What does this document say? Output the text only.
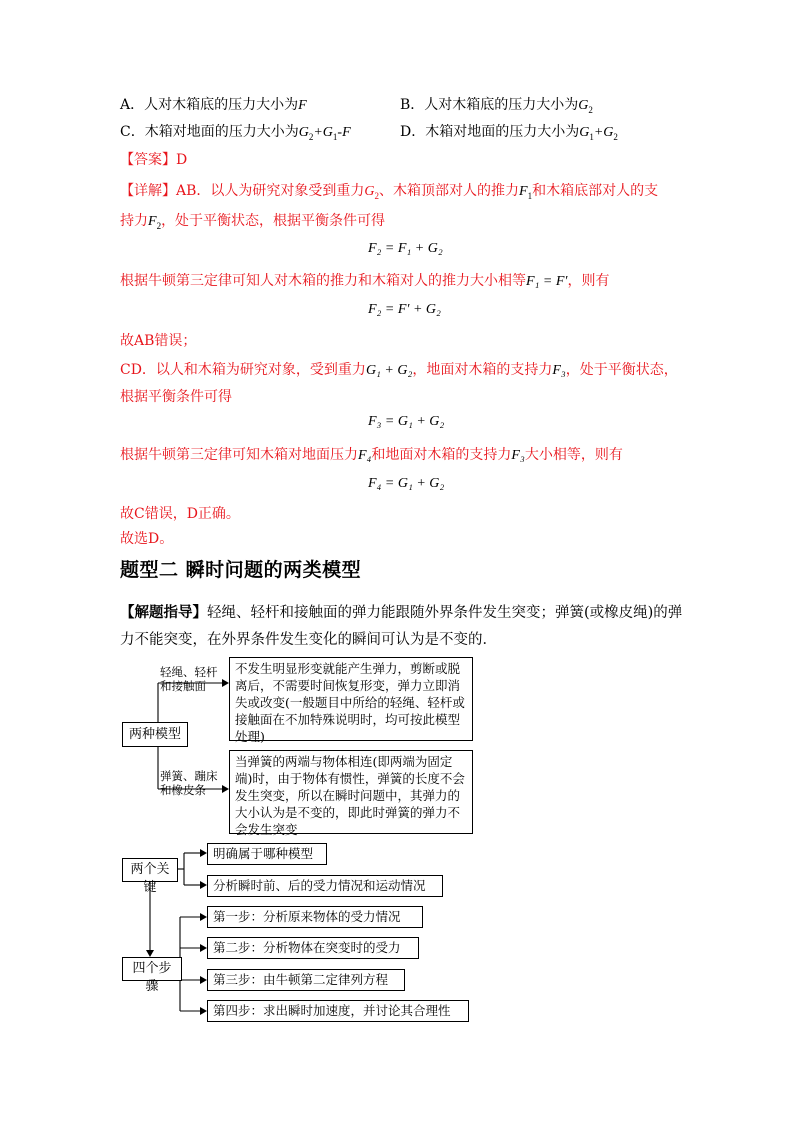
A．人对木箱底的压力大小为F	B．人对木箱底的压力大小为$G_2$
C．木箱对地面的压力大小为$G_2+G_1-F$	D．木箱对地面的压力大小为$G_1+G_2$
【答案】D
【详解】AB．以人为研究对象受到重力$G_2$、木箱顶部对人的推力$F_1$和木箱底部对人的支
持力$F_2$，处于平衡状态，根据平衡条件可得
F₂ = F₁ + G₂
根据牛顿第三定律可知人对木箱的推力和木箱对人的推力大小相等F₁ = F′，则有
F₂ = F′ + G₂
故AB错误；
CD．以人和木箱为研究对象，受到重力G₁ + G₂，地面对木箱的支持力F₃，处于平衡状态，
根据平衡条件可得
F₃ = G₁ + G₂
根据牛顿第三定律可知木箱对地面压力F₄和地面对木箱的支持力F₃大小相等，则有
F₄ = G₁ + G₂
故C错误，D正确。
故选D。
题型二 瞬时问题的两类模型
【解题指导】轻绳、轻杆和接触面的弹力能跟随外界条件发生突变；弹簧(或橡皮绳)的弹
力不能突变，在外界条件发生变化的瞬间可认为是不变的．
两种模型
轻绳、轻杆
和接触面
不发生明显形变就能产生弹力，剪断或脱离后，不需要时间恢复形变，弹力立即消失或改变(一般题目中所给的轻绳、轻杆或接触面在不加特殊说明时，均可按此模型处理)
弹簧、蹦床
和橡皮条
当弹簧的两端与物体相连(即两端为固定端)时，由于物体有惯性，弹簧的长度不会发生突变，所以在瞬时问题中，其弹力的大小认为是不变的，即此时弹簧的弹力不会发生突变
两个关键
明确属于哪种模型
分析瞬时前、后的受力情况和运动情况
四个步骤
第一步：分析原来物体的受力情况
第二步：分析物体在突变时的受力
第三步：由牛顿第二定律列方程
第四步：求出瞬时加速度，并讨论其合理性
